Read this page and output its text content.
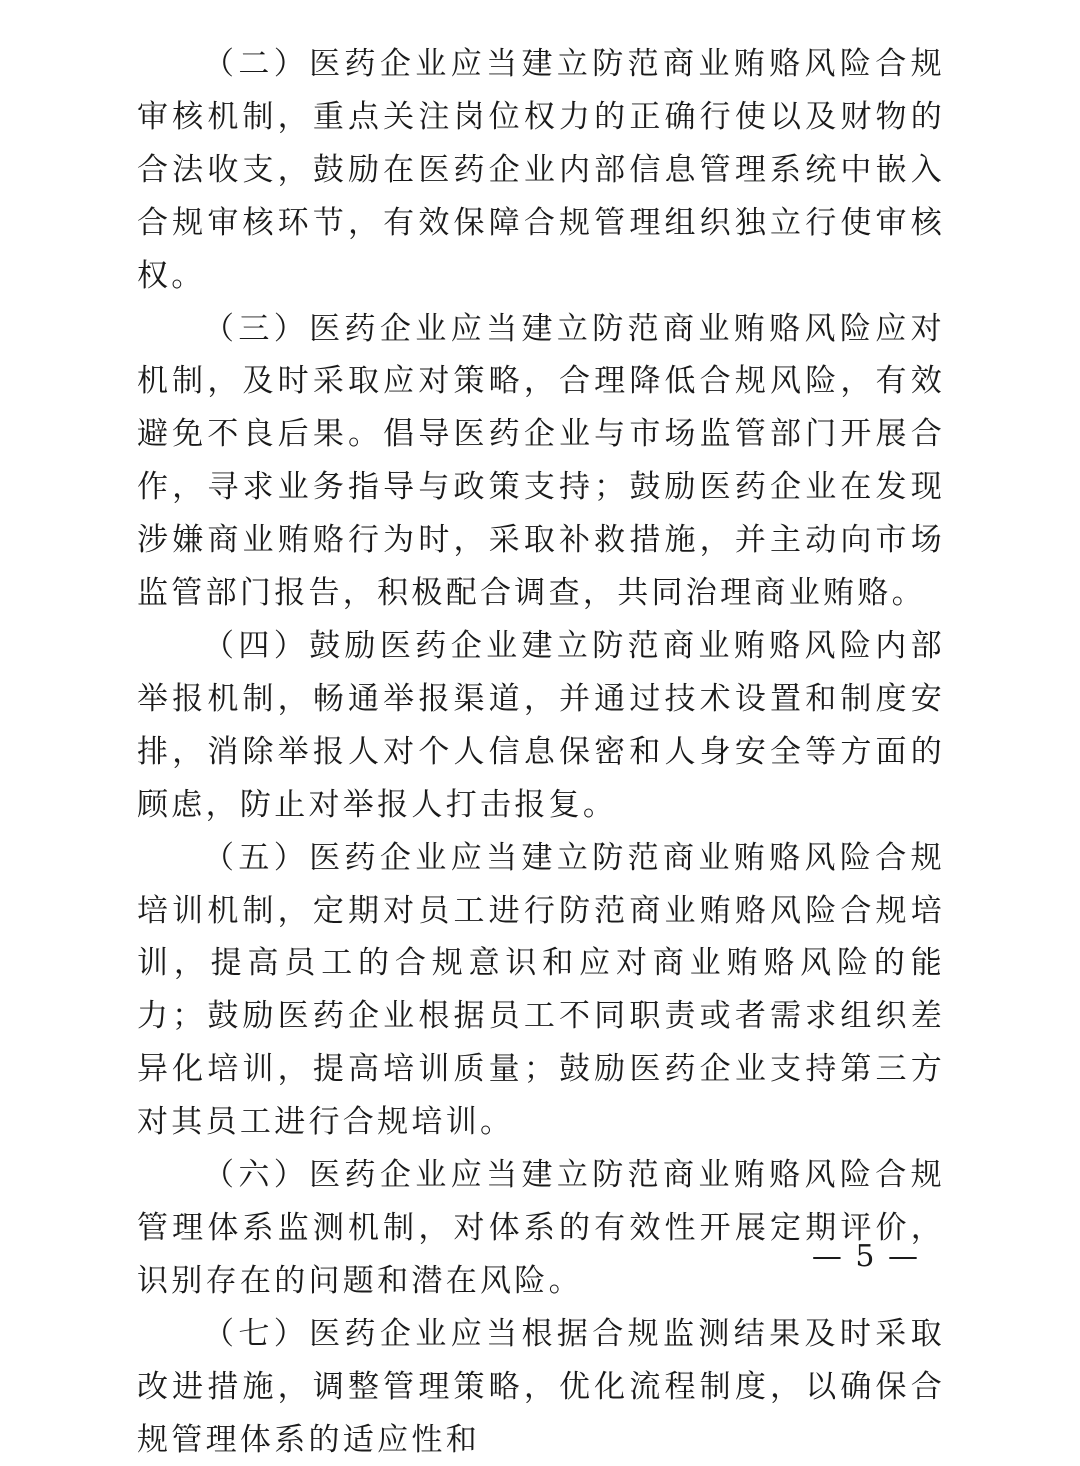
（二）医药企业应当建立防范商业贿赂风险合规审核机制，重点关注岗位权力的正确行使以及财物的合法收支，鼓励在医药企业内部信息管理系统中嵌入合规审核环节，有效保障合规管理组织独立行使审核权。

（三）医药企业应当建立防范商业贿赂风险应对机制，及时采取应对策略，合理降低合规风险，有效避免不良后果。倡导医药企业与市场监管部门开展合作，寻求业务指导与政策支持；鼓励医药企业在发现涉嫌商业贿赂行为时，采取补救措施，并主动向市场监管部门报告，积极配合调查，共同治理商业贿赂。

（四）鼓励医药企业建立防范商业贿赂风险内部举报机制，畅通举报渠道，并通过技术设置和制度安排，消除举报人对个人信息保密和人身安全等方面的顾虑，防止对举报人打击报复。

（五）医药企业应当建立防范商业贿赂风险合规培训机制，定期对员工进行防范商业贿赂风险合规培训，提高员工的合规意识和应对商业贿赂风险的能力；鼓励医药企业根据员工不同职责或者需求组织差异化培训，提高培训质量；鼓励医药企业支持第三方对其员工进行合规培训。

（六）医药企业应当建立防范商业贿赂风险合规管理体系监测机制，对体系的有效性开展定期评价，识别存在的问题和潜在风险。

（七）医药企业应当根据合规监测结果及时采取改进措施，调整管理策略，优化流程制度，以确保合规管理体系的适应性和

— 5 —
